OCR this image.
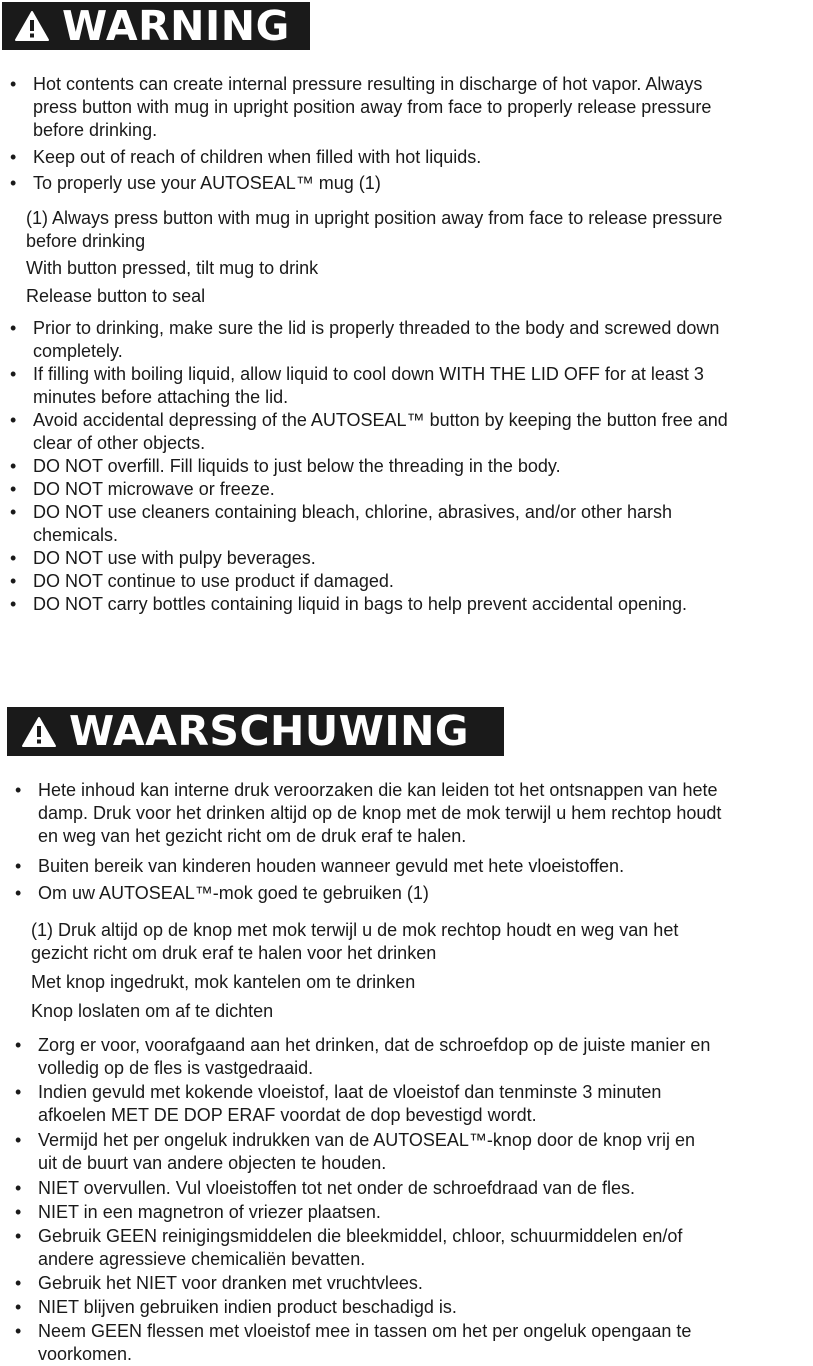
WARNING
• Hot contents can create internal pressure resulting in discharge of hot vapor. Always
press button with mug in upright position away from face to properly release pressure
before drinking.
• Keep out of reach of children when filled with hot liquids.
• To properly use your AUTOSEAL™ mug (1)
(1) Always press button with mug in upright position away from face to release pressure
before drinking
With button pressed, tilt mug to drink
Release button to seal
• Prior to drinking, make sure the lid is properly threaded to the body and screwed down
completely.
• If filling with boiling liquid, allow liquid to cool down WITH THE LID OFF for at least 3
minutes before attaching the lid.
• Avoid accidental depressing of the AUTOSEAL™ button by keeping the button free and
clear of other objects.
• DO NOT overfill. Fill liquids to just below the threading in the body.
• DO NOT microwave or freeze.
• DO NOT use cleaners containing bleach, chlorine, abrasives, and/or other harsh
chemicals.
• DO NOT use with pulpy beverages.
• DO NOT continue to use product if damaged.
• DO NOT carry bottles containing liquid in bags to help prevent accidental opening.
WAARSCHUWING
• Hete inhoud kan interne druk veroorzaken die kan leiden tot het ontsnappen van hete
damp. Druk voor het drinken altijd op de knop met de mok terwijl u hem rechtop houdt
en weg van het gezicht richt om de druk eraf te halen.
• Buiten bereik van kinderen houden wanneer gevuld met hete vloeistoffen.
• Om uw AUTOSEAL™-mok goed te gebruiken (1)
(1) Druk altijd op de knop met mok terwijl u de mok rechtop houdt en weg van het
gezicht richt om druk eraf te halen voor het drinken
Met knop ingedrukt, mok kantelen om te drinken
Knop loslaten om af te dichten
• Zorg er voor, voorafgaand aan het drinken, dat de schroefdop op de juiste manier en
volledig op de fles is vastgedraaid.
• Indien gevuld met kokende vloeistof, laat de vloeistof dan tenminste 3 minuten
afkoelen MET DE DOP ERAF voordat de dop bevestigd wordt.
• Vermijd het per ongeluk indrukken van de AUTOSEAL™-knop door de knop vrij en
uit de buurt van andere objecten te houden.
• NIET overvullen. Vul vloeistoffen tot net onder de schroefdraad van de fles.
• NIET in een magnetron of vriezer plaatsen.
• Gebruik GEEN reinigingsmiddelen die bleekmiddel, chloor, schuurmiddelen en/of
andere agressieve chemicaliën bevatten.
• Gebruik het NIET voor dranken met vruchtvlees.
• NIET blijven gebruiken indien product beschadigd is.
• Neem GEEN flessen met vloeistof mee in tassen om het per ongeluk opengaan te
voorkomen.
